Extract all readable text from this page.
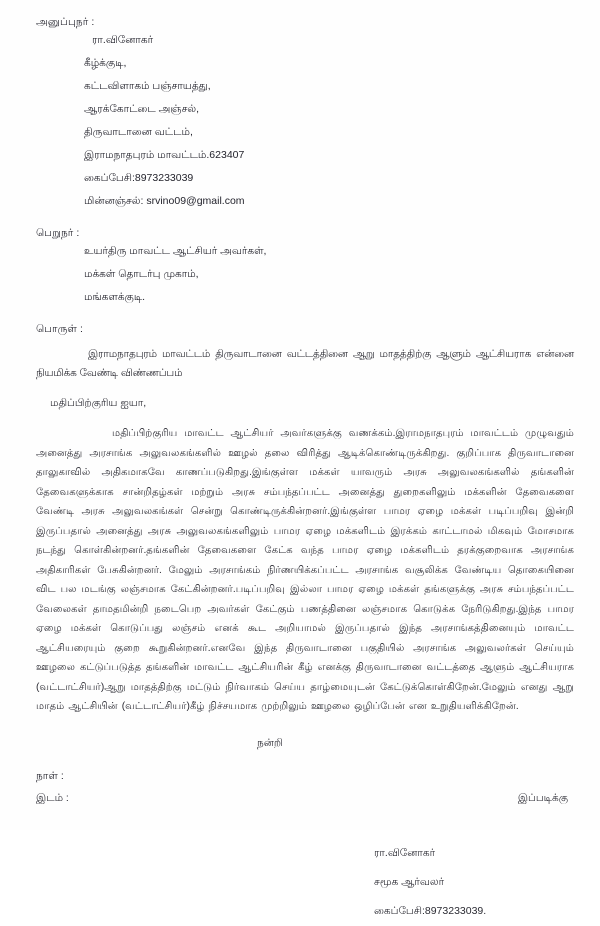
அனுப்புநர் :

ரா.வினோகர்

கீழ்க்குடி,

கட்டவிளாகம் பஞ்சாயத்து,

ஆரக்கோட்டை அஞ்சல்,

திருவாடானை வட்டம்,

இராமநாதபுரம் மாவட்டம்.623407

கைப்பேசி:8973233039

மின்னஞ்சல்: srvino09@gmail.com

பெறுநர் :

உயர்திரு மாவட்ட ஆட்சியர் அவர்கள்,

மக்கள் தொடர்பு முகாம்,

மங்களக்குடி.

பொருள் :

இராமநாதபுரம் மாவட்டம் திருவாடானை வட்டத்தினை ஆறு மாதத்திற்கு ஆளும் ஆட்சியராக என்னை நியமிக்க வேண்டி விண்ணப்பம்

மதிப்பிற்குரிய ஐயா,

மதிப்பிற்குரிய மாவட்ட ஆட்சியர் அவர்களுக்கு வணக்கம்.இராமநாதபுரம் மாவட்டம் முழுவதும் அனைத்து அரசாங்க அலுவலகங்களில் ஊழல் தலை விரித்து ஆடிக்கொண்டிருக்கிறது. குறிப்பாக திருவாடானை தாலுகாவில் அதிகமாகவே காணப்படுகிறது.இங்குள்ள மக்கள் யாவரும் அரசு அலுவலகங்களில் தங்களின் தேவைகளுக்காக சான்றிதழ்கள் மற்றும் அரசு சம்பந்தப்பட்ட அனைத்து துறைகளிலும் மக்களின் தேவைகளை வேண்டி அரசு அலுவலகங்கள் சென்று கொண்டிருக்கின்றனர்.இங்குள்ள பாமர ஏழை மக்கள் படிப்பறிவு இன்றி இருப்பதால் அனைத்து அரசு அலுவலகங்களிலும் பாமர ஏழை மக்களிடம் இரக்கம் காட்டாமல் மிகவும் மோசமாக நடந்து கொள்கின்றனர்.தங்களின் தேவைகளை கேட்க வந்த பாமர ஏழை மக்களிடம் தரக்குறைவாக அரசாங்க அதிகாரிகள் பேசுகின்றனர். மேலும் அரசாங்கம் நிர்ணயிக்கப்பட்ட அரசாங்க வசூலிக்க வேண்டிய தொகையினை விட பல மடங்கு லஞ்சமாக கேட்கின்றனர்.படிப்பறிவு இல்லா பாமர ஏழை மக்கள் தங்களுக்கு அரசு சம்பந்தப்பட்ட வேலைகள் தாமதமின்றி நடைபெற அவர்கள் கேட்கும் பணத்தினை லஞ்சமாக கொடுக்க நேரிடுகிறது.இந்த பாமர ஏழை மக்கள் கொடுப்பது லஞ்சம் எனக் கூட அறியாமல் இருப்பதால் இந்த அரசாங்கத்தினையும் மாவட்ட ஆட்சியரையும் குறை கூறுகின்றனர்.எனவே இந்த திருவாடானை பகுதியில் அரசாங்க அலுவலர்கள் செய்யும் ஊழலை கட்டுப்படுத்த தங்களின் மாவட்ட ஆட்சியரின் கீழ் எனக்கு திருவாடானை வட்டத்தை ஆளும் ஆட்சியராக (வட்டாட்சியர்)ஆறு மாதத்திற்கு மட்டும் நிர்வாகம் செய்ய தாழ்மையுடன் கேட்டுக்கொள்கிறேன்.மேலும் எனது ஆறு மாதம் ஆட்சியின் (வட்டாட்சியர்)கீழ் நிச்சயமாக முற்றிலும் ஊழலை ஒழிப்பேன் என உறுதியளிக்கிறேன்.

நன்றி

நாள் :

இடம் :	இப்படிக்கு

ரா.வினோகர்

சமூக ஆர்வலர்

கைப்பேசி:8973233039.
